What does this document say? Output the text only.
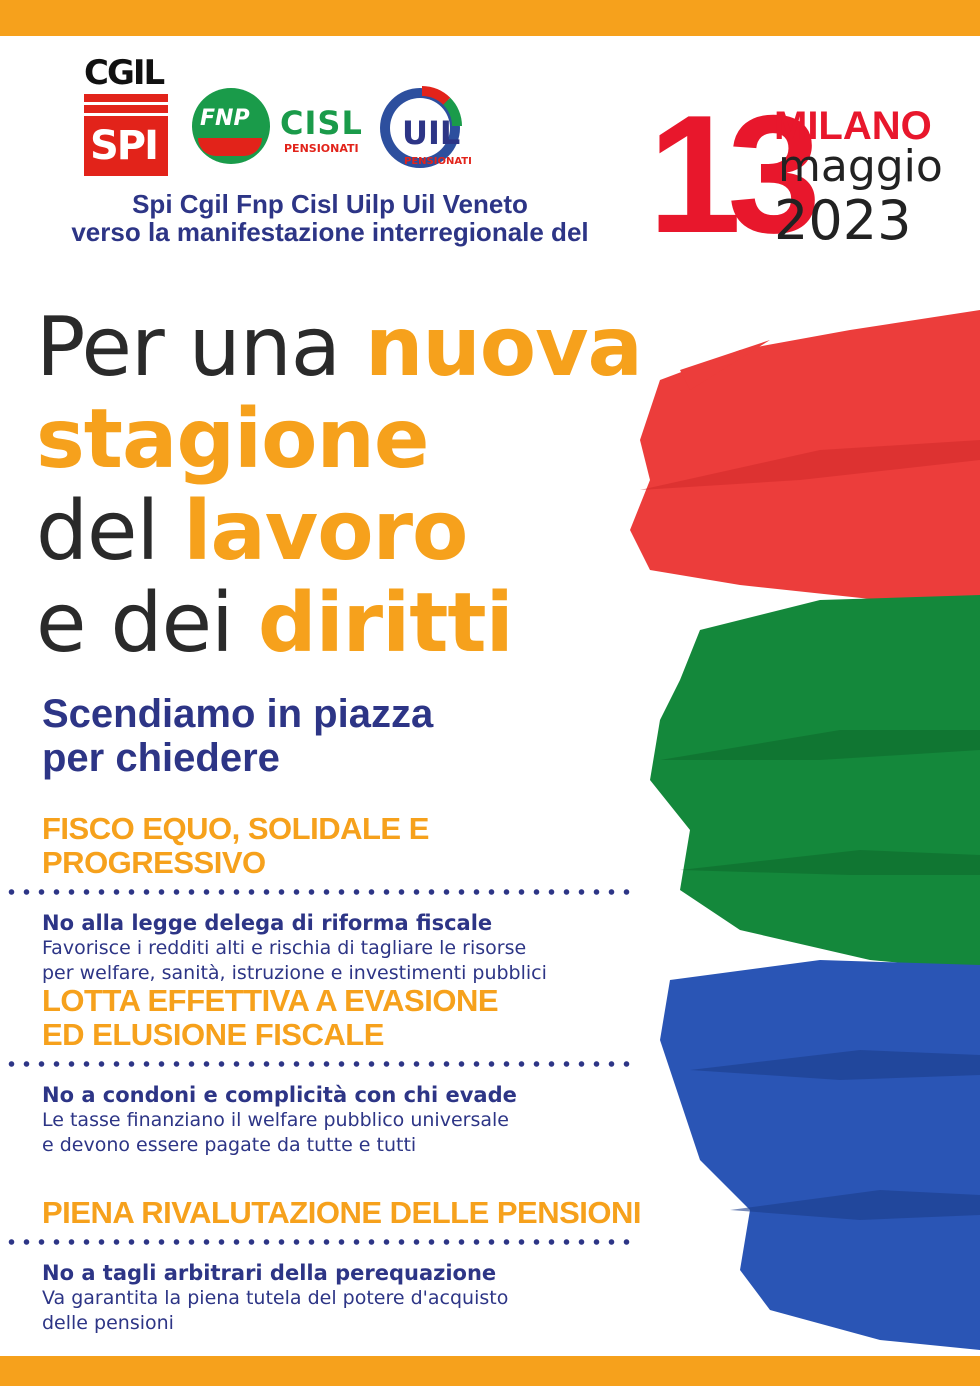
CGIL
SPI
FNP CISL
PENSIONATI UIL
PENSIONATI
Spi Cgil Fnp Cisl Uilp Uil Veneto
verso la manifestazione interregionale del 13
MILANO
maggio
2023
Per una nuova
stagione
del lavoro
e dei diritti
Scendiamo in piazza
per chiedere
FISCO EQUO, SOLIDALE E PROGRESSIVO
No alla legge delega di riforma fiscale
Favorisce i redditi alti e rischia di tagliare le risorse
per welfare, sanità, istruzione e investimenti pubblici
LOTTA EFFETTIVA A EVASIONE
ED ELUSIONE FISCALE
No a condoni e complicità con chi evade
Le tasse finanziano il welfare pubblico universale
e devono essere pagate da tutte e tutti
PIENA RIVALUTAZIONE DELLE PENSIONI
No a tagli arbitrari della perequazione
Va garantita la piena tutela del potere d'acquisto
delle pensioni
